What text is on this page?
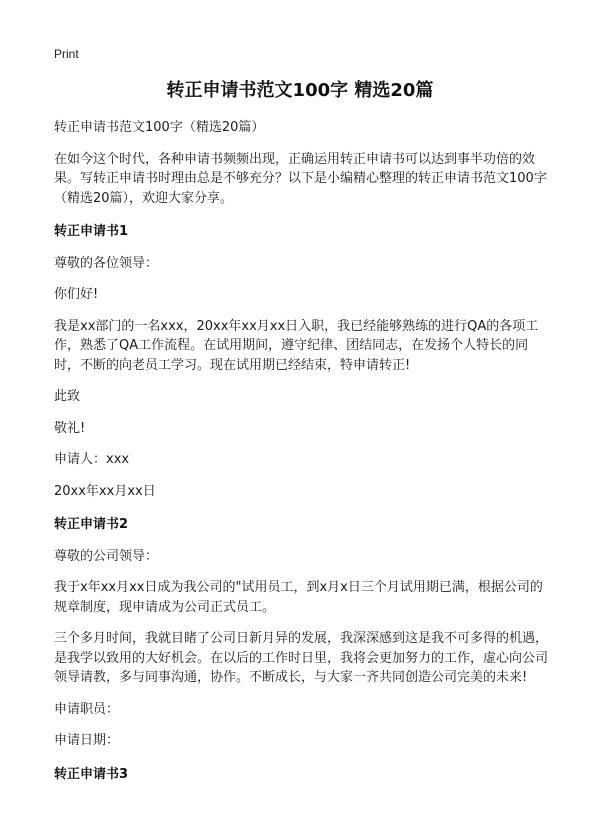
Print
转正申请书范文100字 精选20篇

转正申请书范文100字（精选20篇）

在如今这个时代，各种申请书频频出现，正确运用转正申请书可以达到事半功倍的效果。写转正申请书时理由总是不够充分？以下是小编精心整理的转正申请书范文100字（精选20篇），欢迎大家分享。

转正申请书1

尊敬的各位领导：

你们好!

我是xx部门的一名xxx，20xx年xx月xx日入职，我已经能够熟练的进行QA的各项工作，熟悉了QA工作流程。在试用期间，遵守纪律、团结同志，在发扬个人特长的同时，不断的向老员工学习。现在试用期已经结束，特申请转正!

此致

敬礼!

申请人：xxx

20xx年xx月xx日

转正申请书2

尊敬的公司领导：

我于x年xx月xx日成为我公司的"试用员工，到x月x日三个月试用期已满，根据公司的规章制度，现申请成为公司正式员工。

三个多月时间，我就目睹了公司日新月异的发展，我深深感到这是我不可多得的机遇，是我学以致用的大好机会。在以后的工作时日里，我将会更加努力的工作，虚心向公司领导请教，多与同事沟通，协作。不断成长，与大家一齐共同创造公司完美的未来!

申请职员：

申请日期：

转正申请书3
